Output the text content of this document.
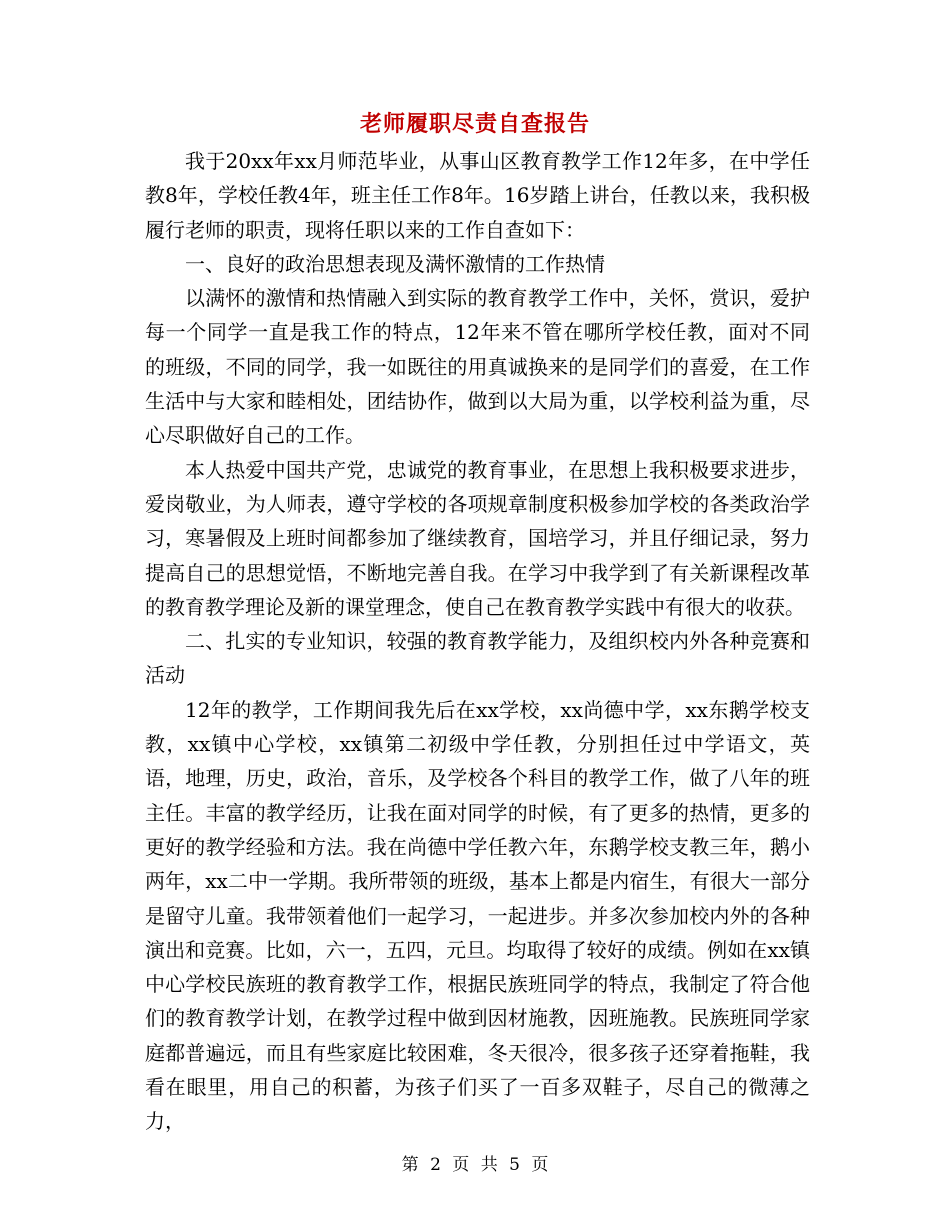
老师履职尽责自查报告

我于20xx年xx月师范毕业，从事山区教育教学工作12年多，在中学任教8年，学校任教4年，班主任工作8年。16岁踏上讲台，任教以来，我积极履行老师的职责，现将任职以来的工作自查如下：

一、良好的政治思想表现及满怀激情的工作热情

以满怀的激情和热情融入到实际的教育教学工作中，关怀，赏识，爱护每一个同学一直是我工作的特点，12年来不管在哪所学校任教，面对不同的班级，不同的同学，我一如既往的用真诚换来的是同学们的喜爱，在工作生活中与大家和睦相处，团结协作，做到以大局为重，以学校利益为重，尽心尽职做好自己的工作。

本人热爱中国共产党，忠诚党的教育事业，在思想上我积极要求进步，爱岗敬业，为人师表，遵守学校的各项规章制度积极参加学校的各类政治学习，寒暑假及上班时间都参加了继续教育，国培学习，并且仔细记录，努力提高自己的思想觉悟，不断地完善自我。在学习中我学到了有关新课程改革的教育教学理论及新的课堂理念，使自己在教育教学实践中有很大的收获。

二、扎实的专业知识，较强的教育教学能力，及组织校内外各种竞赛和活动

12年的教学，工作期间我先后在xx学校，xx尚德中学，xx东鹅学校支教，xx镇中心学校，xx镇第二初级中学任教，分别担任过中学语文，英语，地理，历史，政治，音乐，及学校各个科目的教学工作，做了八年的班主任。丰富的教学经历，让我在面对同学的时候，有了更多的热情，更多的更好的教学经验和方法。我在尚德中学任教六年，东鹅学校支教三年，鹅小两年，xx二中一学期。我所带领的班级，基本上都是内宿生，有很大一部分是留守儿童。我带领着他们一起学习，一起进步。并多次参加校内外的各种演出和竞赛。比如，六一，五四，元旦。均取得了较好的成绩。例如在xx镇中心学校民族班的教育教学工作，根据民族班同学的特点，我制定了符合他们的教育教学计划，在教学过程中做到因材施教，因班施教。民族班同学家庭都普遍远，而且有些家庭比较困难，冬天很冷，很多孩子还穿着拖鞋，我看在眼里，用自己的积蓄，为孩子们买了一百多双鞋子，尽自己的微薄之力，

第 2 页 共 5 页
